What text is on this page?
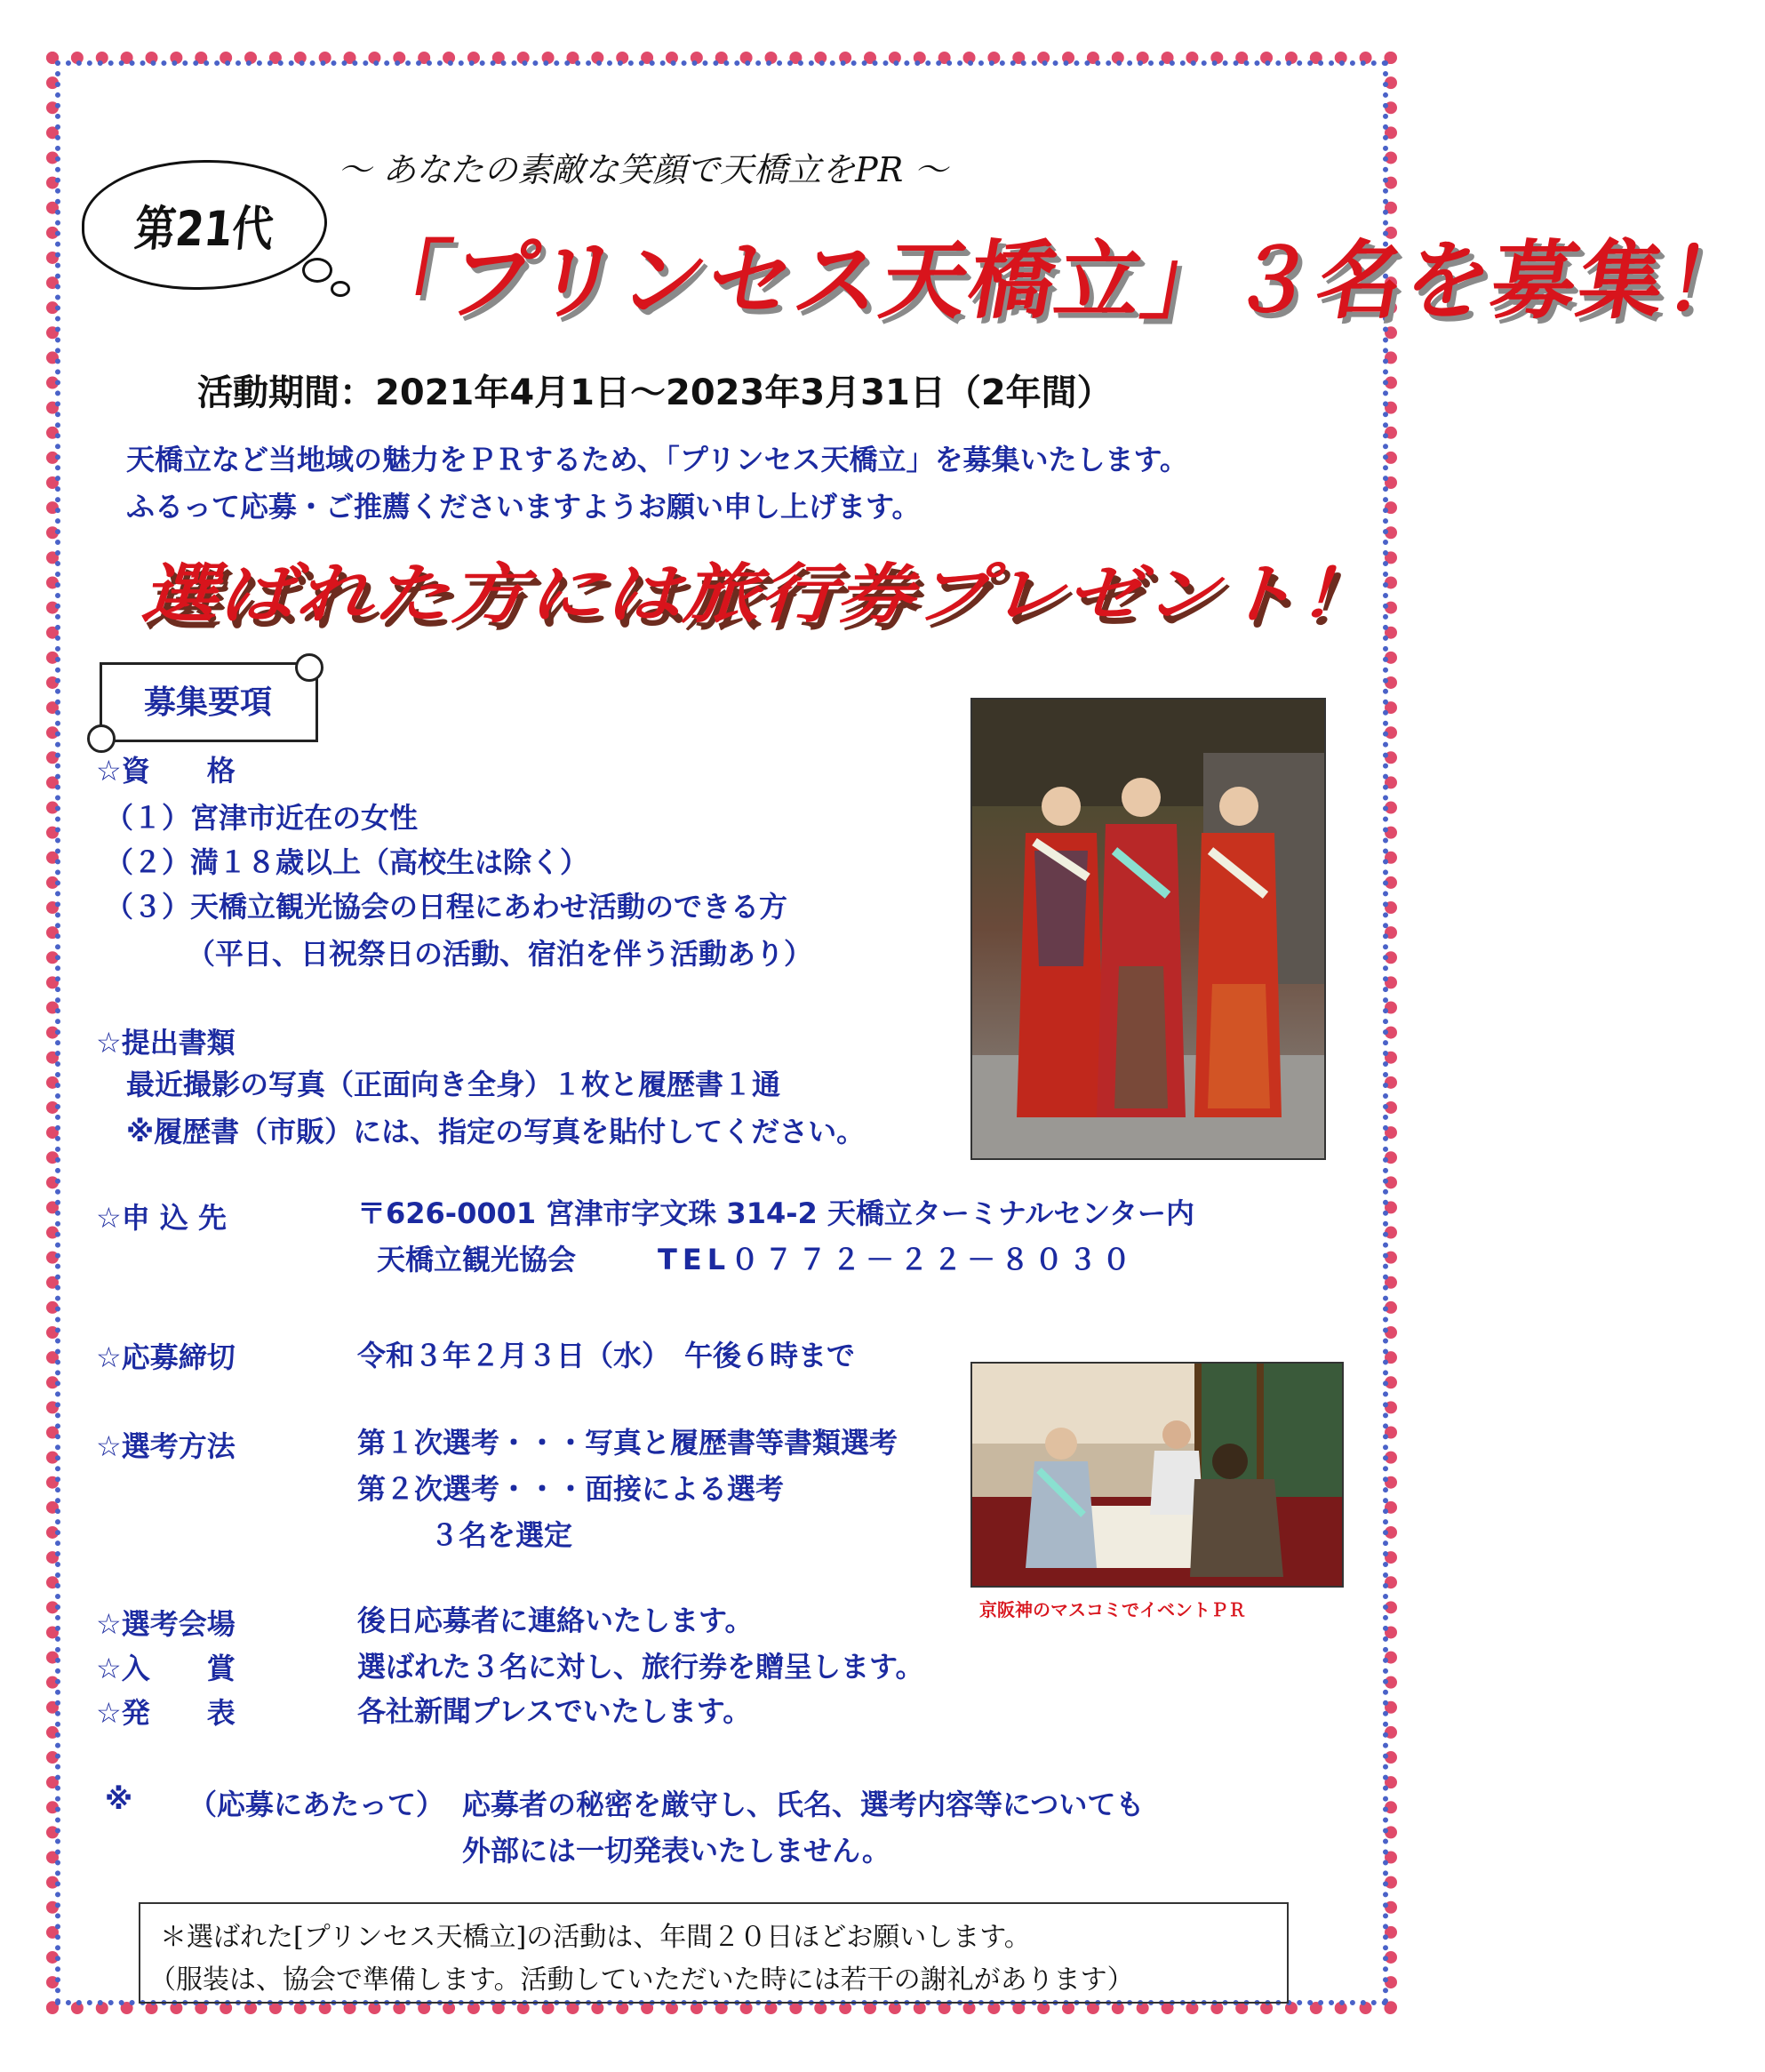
第21代
～ あなたの素敵な笑顔で天橋立をPR ～
「プリンセス天橋立」３名を募集！
活動期間：2021年4月1日～2023年3月31日（2年間）
天橋立など当地域の魅力をＰＲするため、「プリンセス天橋立」を募集いたします。
ふるって応募・ご推薦くださいますようお願い申し上げます。
選ばれた方には旅行券プレゼント！
募集要項
☆資　　格
（１）宮津市近在の女性
（２）満１８歳以上（高校生は除く）
（３）天橋立観光協会の日程にあわせ活動のできる方
（平日、日祝祭日の活動、宿泊を伴う活動あり）
☆提出書類
最近撮影の写真（正面向き全身）１枚と履歴書１通
※履歴書（市販）には、指定の写真を貼付してください。
☆申 込 先	〒626-0001 宮津市字文珠 314-2 天橋立ターミナルセンター内
天橋立観光協会	TEL０７７２－２２－８０３０
☆応募締切	令和３年２月３日（水）　午後６時まで
☆選考方法	第１次選考・・・写真と履歴書等書類選考
第２次選考・・・面接による選考
３名を選定
京阪神のマスコミでイベントＰＲ
☆選考会場	後日応募者に連絡いたします。
☆入　　賞	選ばれた３名に対し、旅行券を贈呈します。
☆発　　表	各社新聞プレスでいたします。
※ （応募にあたって） 応募者の秘密を厳守し、氏名、選考内容等についても
外部には一切発表いたしません。
＊選ばれた[プリンセス天橋立]の活動は、年間２０日ほどお願いします。
（服装は、協会で準備します。活動していただいた時には若干の謝礼があります）
